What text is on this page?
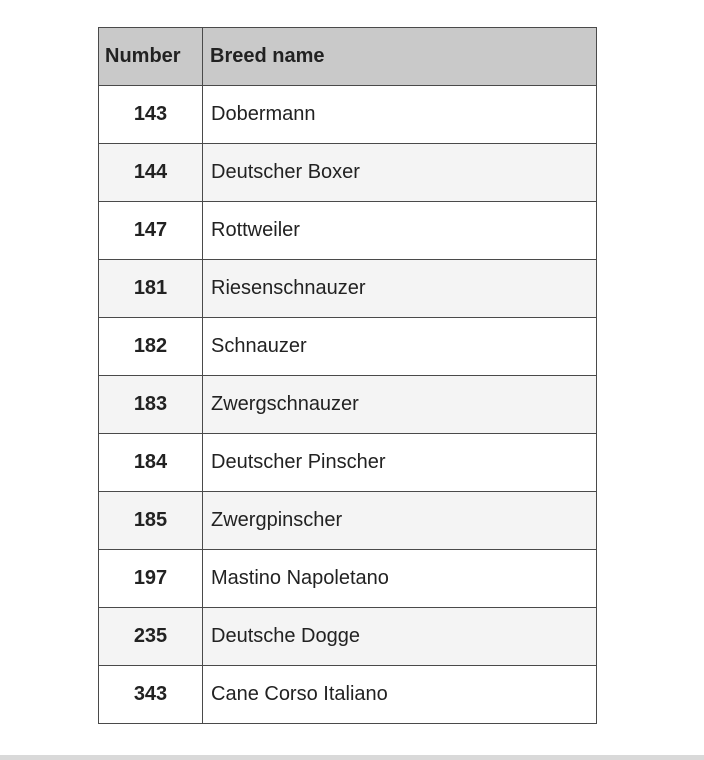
Number	Breed name
143	Dobermann
144	Deutscher Boxer
147	Rottweiler
181	Riesenschnauzer
182	Schnauzer
183	Zwergschnauzer
184	Deutscher Pinscher
185	Zwergpinscher
197	Mastino Napoletano
235	Deutsche Dogge
343	Cane Corso Italiano
